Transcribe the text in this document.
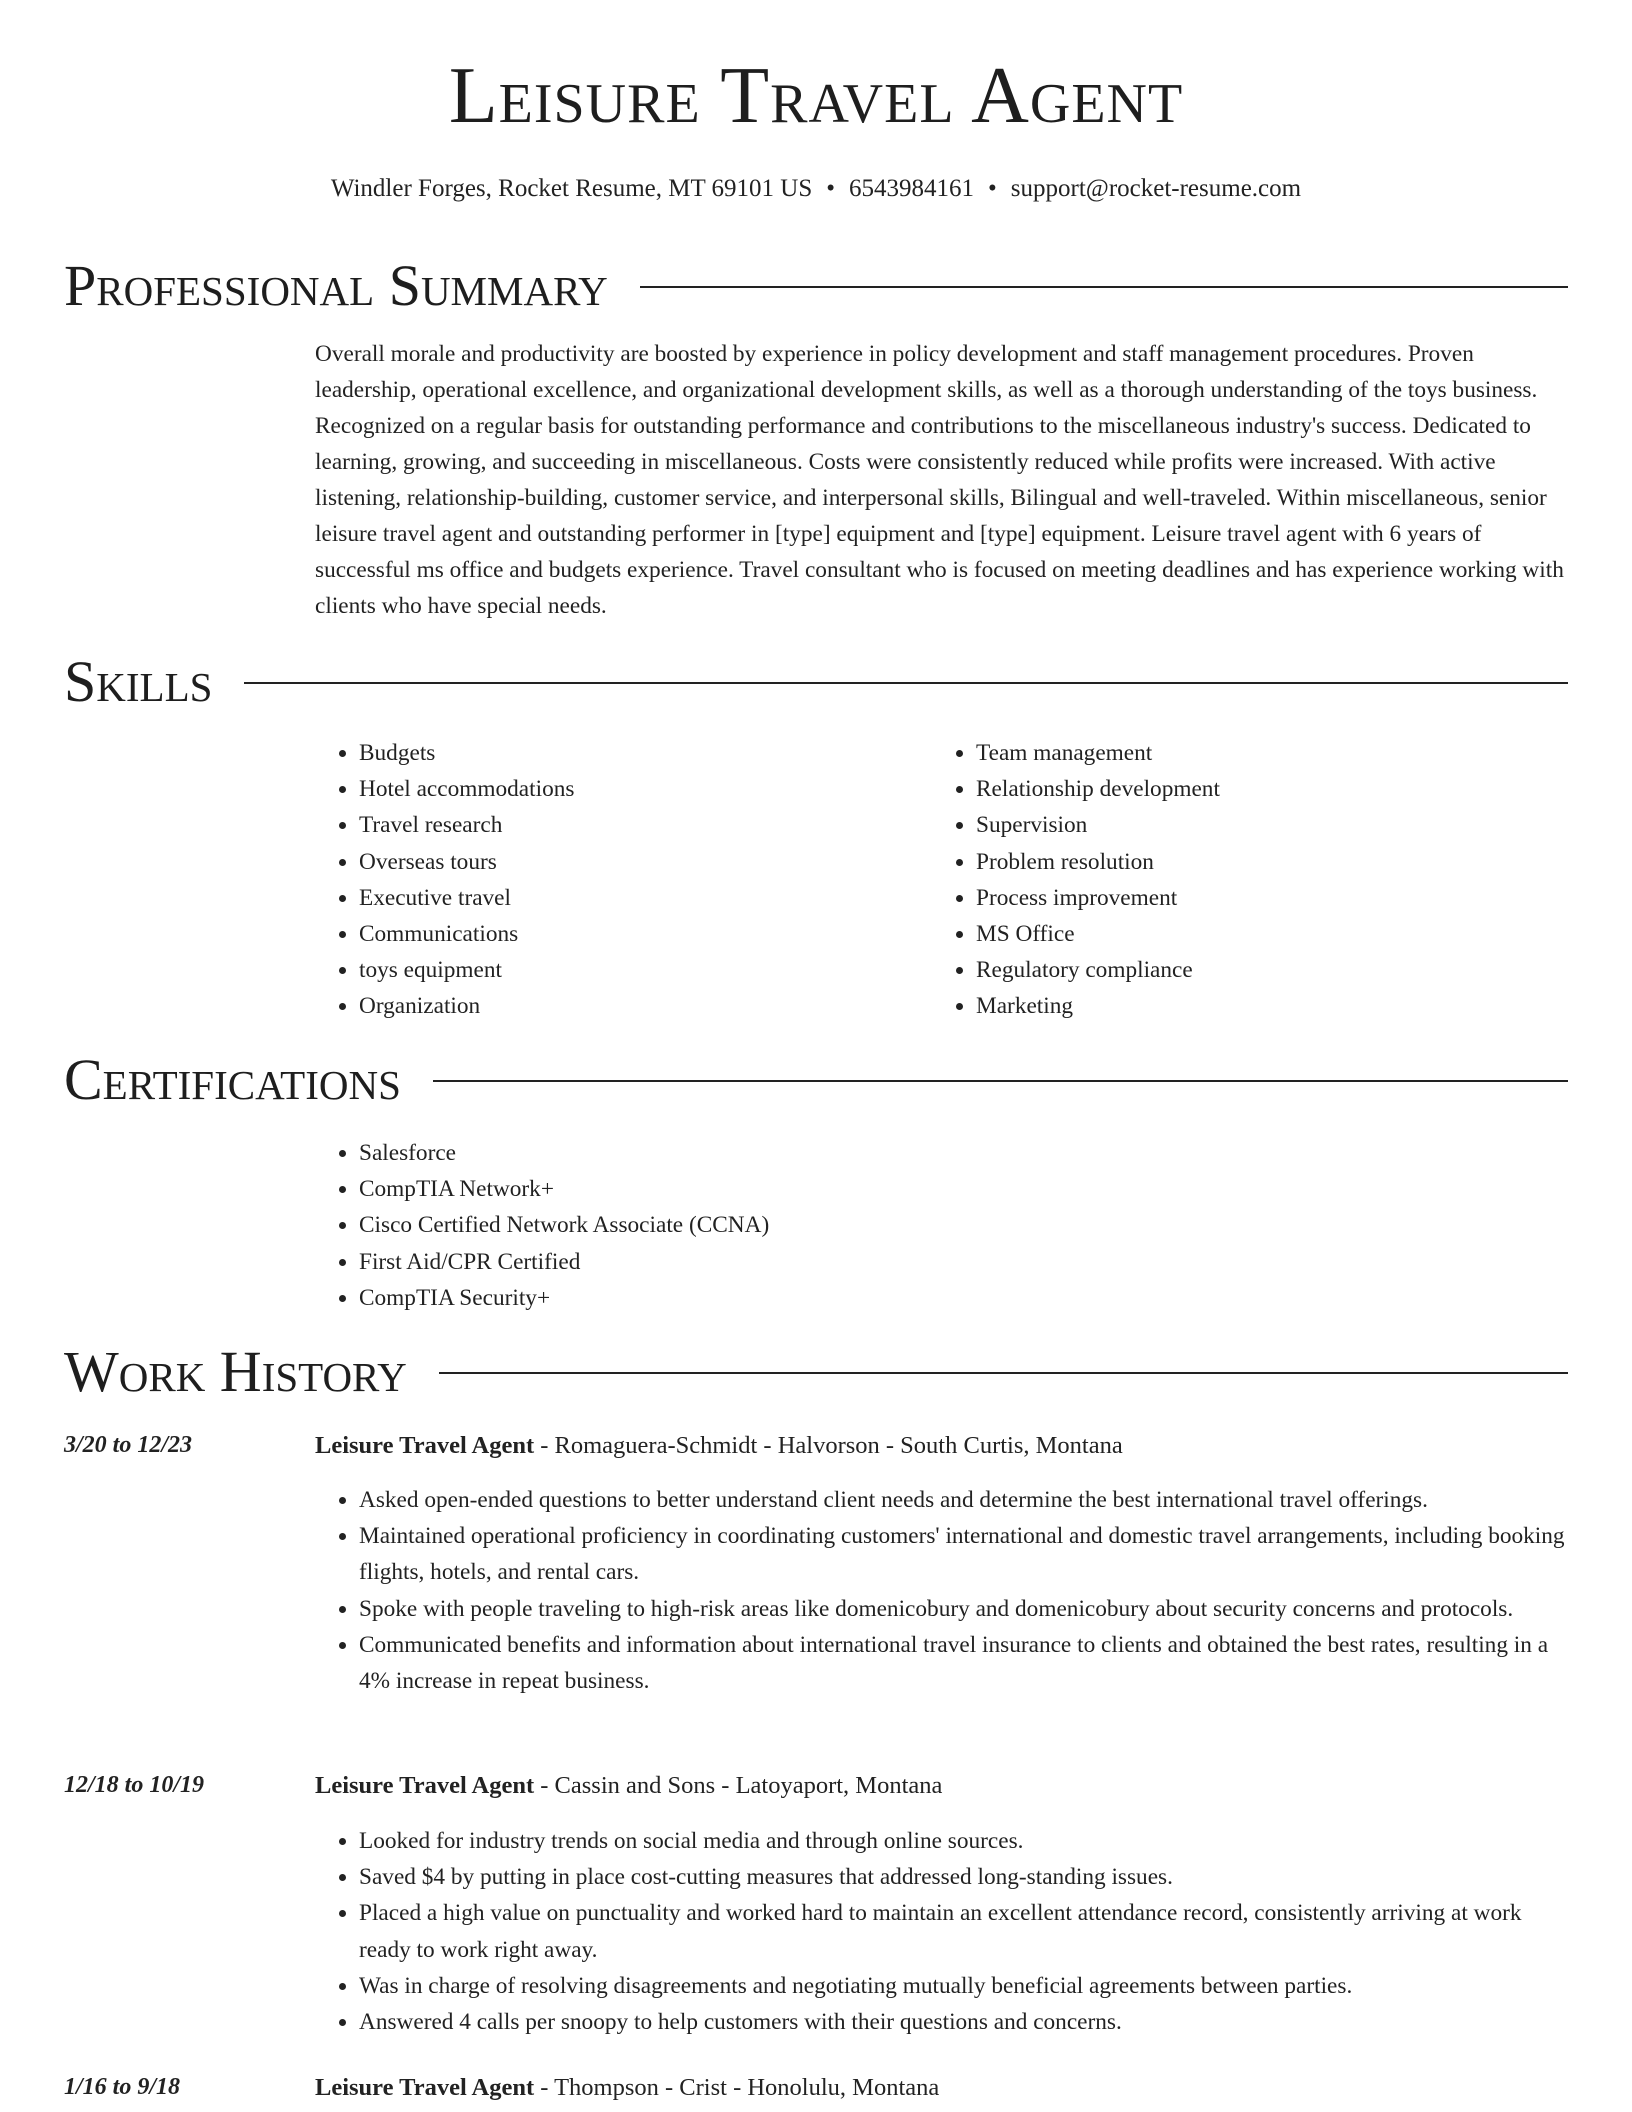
Leisure Travel Agent
Windler Forges, Rocket Resume, MT 69101 US • 6543984161 • support@rocket-resume.com
Professional Summary

Overall morale and productivity are boosted by experience in policy development and staff management procedures. Proven leadership, operational excellence, and organizational development skills, as well as a thorough understanding of the toys business. Recognized on a regular basis for outstanding performance and contributions to the miscellaneous industry's success. Dedicated to learning, growing, and succeeding in miscellaneous. Costs were consistently reduced while profits were increased. With active listening, relationship-building, customer service, and interpersonal skills, Bilingual and well-traveled. Within miscellaneous, senior leisure travel agent and outstanding performer in [type] equipment and [type] equipment. Leisure travel agent with 6 years of successful ms office and budgets experience. Travel consultant who is focused on meeting deadlines and has experience working with clients who have special needs.

Skills
• Budgets
• Hotel accommodations
• Travel research
• Overseas tours
• Executive travel
• Communications
• toys equipment
• Organization
• Team management
• Relationship development
• Supervision
• Problem resolution
• Process improvement
• MS Office
• Regulatory compliance
• Marketing
Certifications
• Salesforce
• CompTIA Network+
• Cisco Certified Network Associate (CCNA)
• First Aid/CPR Certified
• CompTIA Security+
Work History
3/20 to 12/23	Leisure Travel Agent - Romaguera-Schmidt - Halvorson - South Curtis, Montana
• Asked open-ended questions to better understand client needs and determine the best international travel offerings.
• Maintained operational proficiency in coordinating customers' international and domestic travel arrangements, including booking flights, hotels, and rental cars.
• Spoke with people traveling to high-risk areas like domenicobury and domenicobury about security concerns and protocols.
• Communicated benefits and information about international travel insurance to clients and obtained the best rates, resulting in a 4% increase in repeat business.
12/18 to 10/19	Leisure Travel Agent - Cassin and Sons - Latoyaport, Montana
• Looked for industry trends on social media and through online sources.
• Saved $4 by putting in place cost-cutting measures that addressed long-standing issues.
• Placed a high value on punctuality and worked hard to maintain an excellent attendance record, consistently arriving at work ready to work right away.
• Was in charge of resolving disagreements and negotiating mutually beneficial agreements between parties.
• Answered 4 calls per snoopy to help customers with their questions and concerns.
1/16 to 9/18	Leisure Travel Agent - Thompson - Crist - Honolulu, Montana
